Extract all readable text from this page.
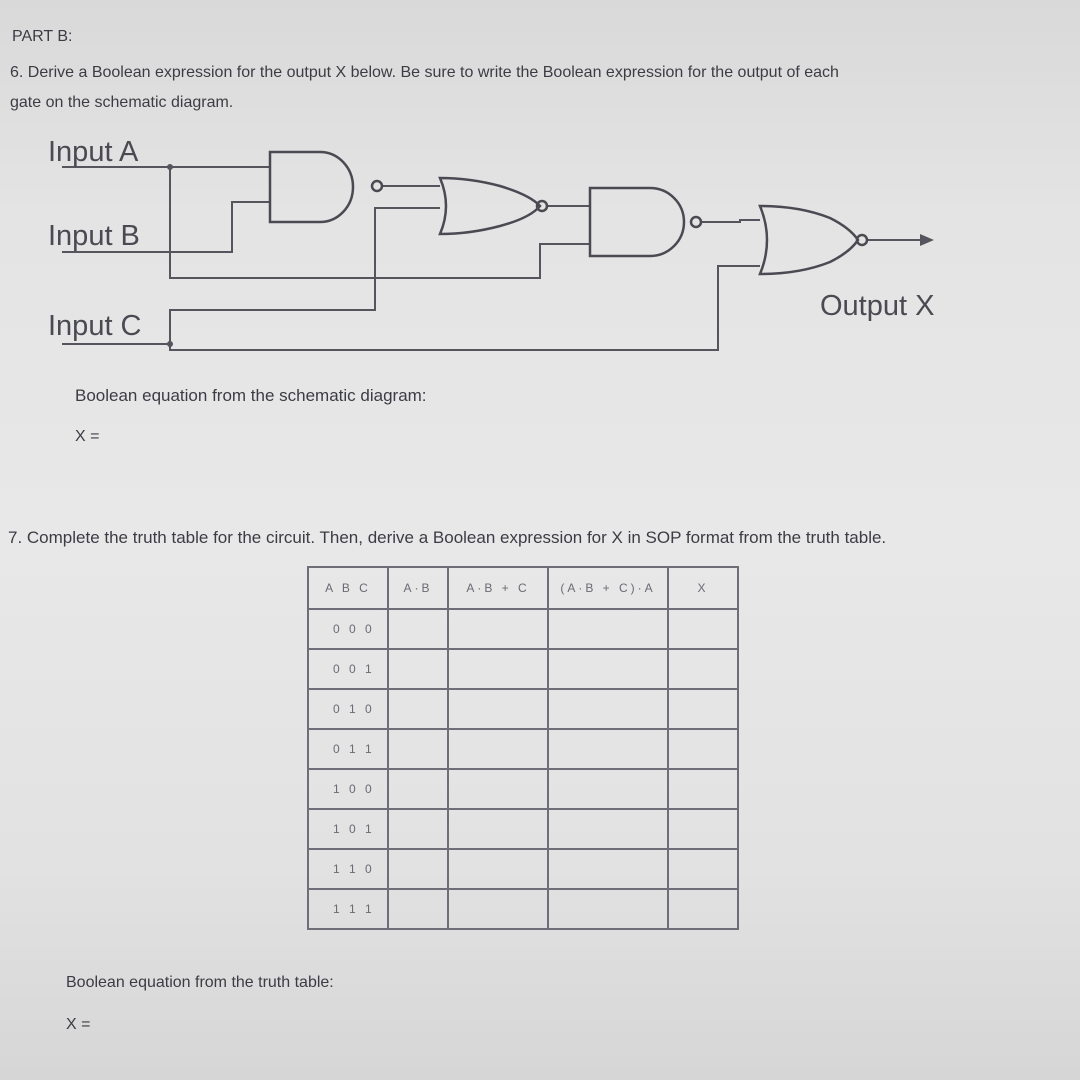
PART B:
6. Derive a Boolean expression for the output X below. Be sure to write the Boolean expression for the output of each
gate on the schematic diagram.
Input A
Input B
Input C
Output X
Boolean equation from the schematic diagram:
X =
7. Complete the truth table for the circuit. Then, derive a Boolean expression for X in SOP format from the truth table.
A B C	A·B	A·B + C	(A·B + C)·A	X
0 0 0				
0 0 1				
0 1 0				
0 1 1				
1 0 0				
1 0 1				
1 1 0				
1 1 1				
Boolean equation from the truth table:
X =
